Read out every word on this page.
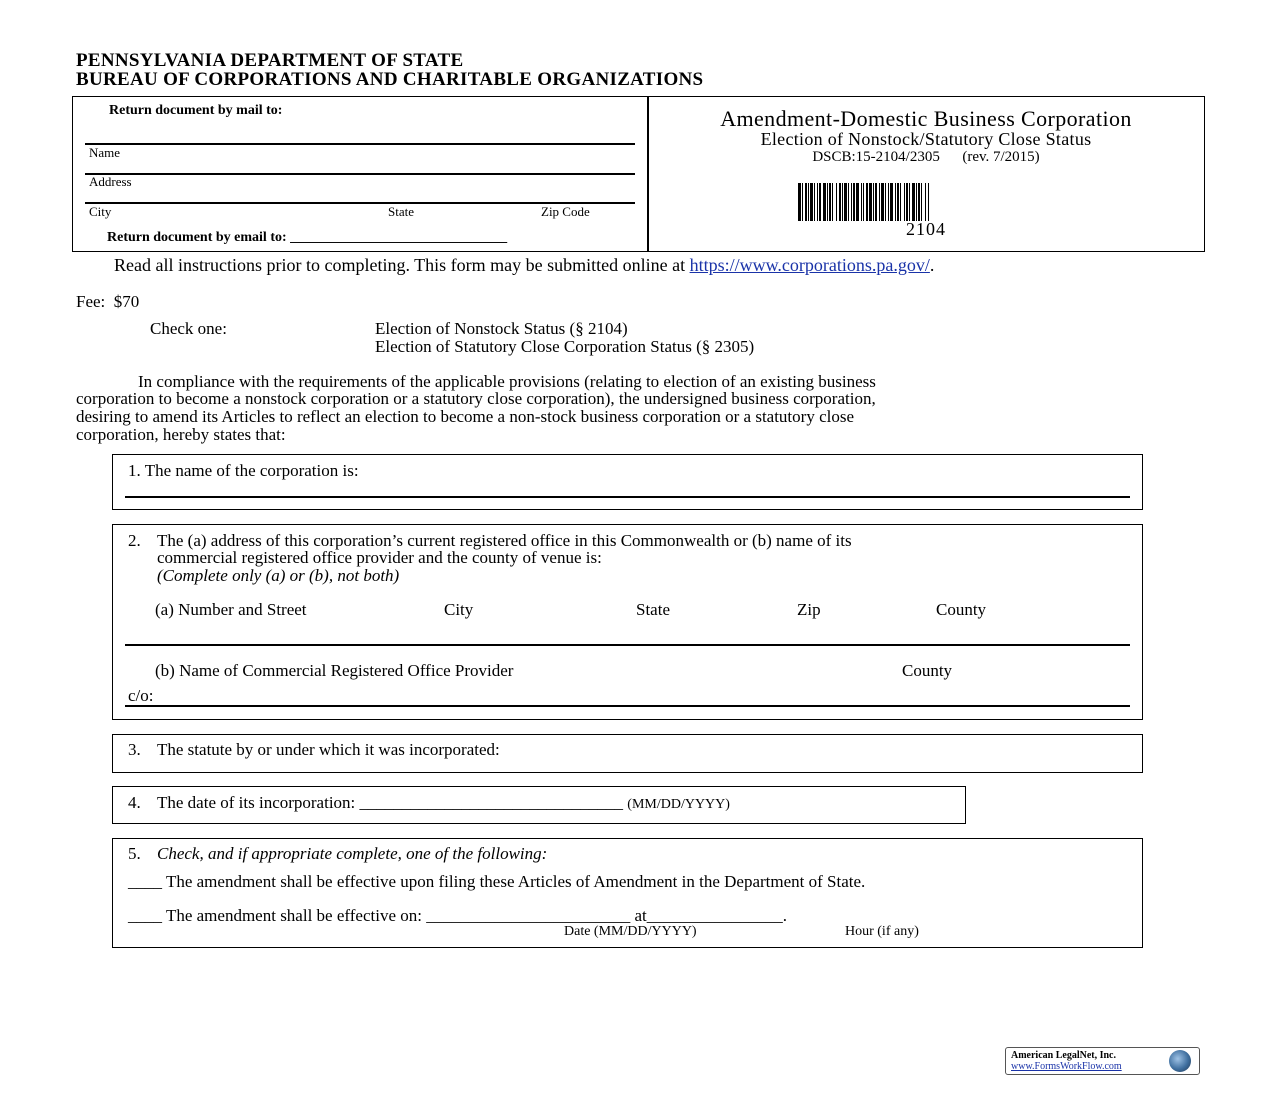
PENNSYLVANIA DEPARTMENT OF STATE
BUREAU OF CORPORATIONS AND CHARITABLE ORGANIZATIONS
Return document by mail to:
Name
Address
City	State	Zip Code
Return document by email to: _______________________________
Amendment-Domestic Business Corporation
Election of Nonstock/Statutory Close Status
DSCB:15-2104/2305 (rev. 7/2015)
2104
Read all instructions prior to completing. This form may be submitted online at https://www.corporations.pa.gov/.
Fee: $70
Check one:	Election of Nonstock Status (§ 2104)
Election of Statutory Close Corporation Status (§ 2305)
In compliance with the requirements of the applicable provisions (relating to election of an existing business
corporation to become a nonstock corporation or a statutory close corporation), the undersigned business corporation,
desiring to amend its Articles to reflect an election to become a non-stock business corporation or a statutory close
corporation, hereby states that:
1. The name of the corporation is:
2. The (a) address of this corporation’s current registered office in this Commonwealth or (b) name of its
commercial registered office provider and the county of venue is:
(Complete only (a) or (b), not both)
(a) Number and Street	City	State	Zip	County
(b) Name of Commercial Registered Office Provider	County
c/o:
3. The statute by or under which it was incorporated:
4. The date of its incorporation: _______________________________ (MM/DD/YYYY)
5. Check, and if appropriate complete, one of the following:
____ The amendment shall be effective upon filing these Articles of Amendment in the Department of State.
____ The amendment shall be effective on: ________________________ at________________.
Date (MM/DD/YYYY)	Hour (if any)
American LegalNet, Inc.
www.FormsWorkFlow.com
